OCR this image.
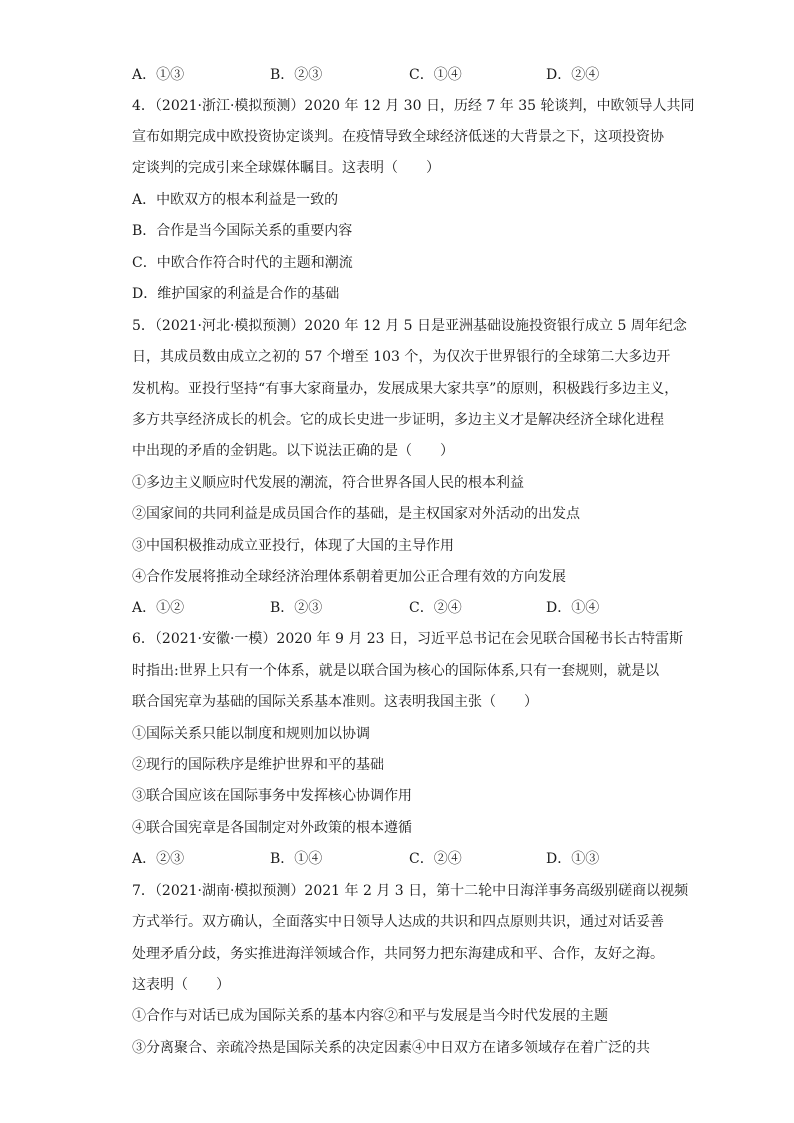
A．①③	B．②③	C．①④	D．②④
4．（2021·浙江·模拟预测）2020 年 12 月 30 日，历经 7 年 35 轮谈判，中欧领导人共同
宣布如期完成中欧投资协定谈判。在疫情导致全球经济低迷的大背景之下，这项投资协
定谈判的完成引来全球媒体瞩目。这表明（　　）
A．中欧双方的根本利益是一致的
B．合作是当今国际关系的重要内容
C．中欧合作符合时代的主题和潮流
D．维护国家的利益是合作的基础
5．（2021·河北·模拟预测）2020 年 12 月 5 日是亚洲基础设施投资银行成立 5 周年纪念
日，其成员数由成立之初的 57 个增至 103 个，为仅次于世界银行的全球第二大多边开
发机构。亚投行坚持“有事大家商量办，发展成果大家共享”的原则，积极践行多边主义，
多方共享经济成长的机会。它的成长史进一步证明，多边主义才是解决经济全球化进程
中出现的矛盾的金钥匙。以下说法正确的是（　　）
①多边主义顺应时代发展的潮流，符合世界各国人民的根本利益
②国家间的共同利益是成员国合作的基础，是主权国家对外活动的出发点
③中国积极推动成立亚投行，体现了大国的主导作用
④合作发展将推动全球经济治理体系朝着更加公正合理有效的方向发展
A．①②	B．②③	C．②④	D．①④
6．（2021·安徽·一模）2020 年 9 月 23 日，习近平总书记在会见联合国秘书长古特雷斯
时指出:世界上只有一个体系，就是以联合国为核心的国际体系,只有一套规则，就是以
联合国宪章为基础的国际关系基本准则。这表明我国主张（　　）
①国际关系只能以制度和规则加以协调
②现行的国际秩序是维护世界和平的基础
③联合国应该在国际事务中发挥核心协调作用
④联合国宪章是各国制定对外政策的根本遵循
A．②③	B．①④	C．②④	D．①③
7．（2021·湖南·模拟预测）2021 年 2 月 3 日，第十二轮中日海洋事务高级别磋商以视频
方式举行。双方确认，全面落实中日领导人达成的共识和四点原则共识，通过对话妥善
处理矛盾分歧，务实推进海洋领域合作，共同努力把东海建成和平、合作，友好之海。
这表明（　　）
①合作与对话已成为国际关系的基本内容②和平与发展是当今时代发展的主题
③分离聚合、亲疏冷热是国际关系的决定因素④中日双方在诸多领域存在着广泛的共
